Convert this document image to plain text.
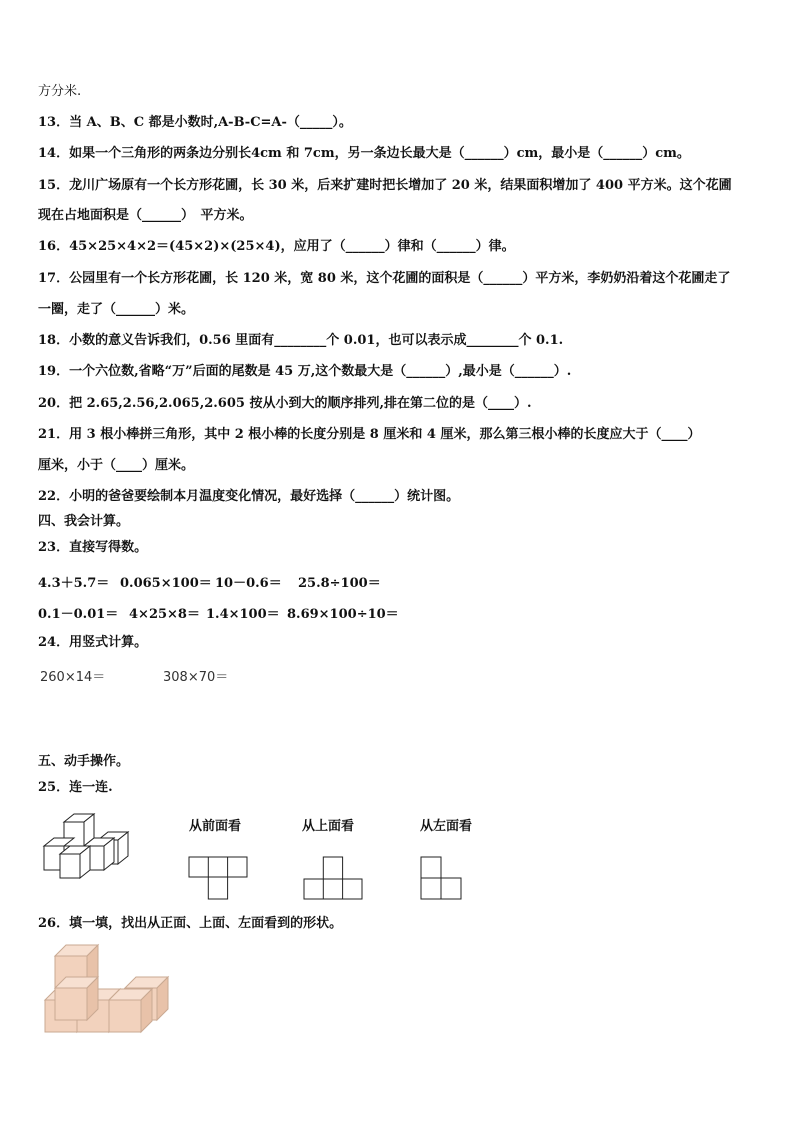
方分米.
13．当 A、B、C 都是小数时,A-B-C=A-（_____）。
14．如果一个三角形的两条边分别长4cm 和 7cm，另一条边长最大是（______）cm，最小是（______）cm。
15．龙川广场原有一个长方形花圃，长 30 米，后来扩建时把长增加了 20 米，结果面积增加了 400 平方米。这个花圃
现在占地面积是（______）　平方米。
16．45×25×4×2＝(45×2)×(25×4)，应用了（______）律和（______）律。
17．公园里有一个长方形花圃，长 120 米，宽 80 米，这个花圃的面积是（______）平方米，李奶奶沿着这个花圃走了
一圈，走了（______）米。
18．小数的意义告诉我们，0.56 里面有________个 0.01，也可以表示成________个 0.1.
19．一个六位数,省略“万”后面的尾数是 45 万,这个数最大是（______）,最小是（______）.
20．把 2.65,2.56,2.065,2.605 按从小到大的顺序排列,排在第二位的是（____）.
21．用 3 根小棒拼三角形，其中 2 根小棒的长度分别是 8 厘米和 4 厘米，那么第三根小棒的长度应大于（____）
厘米，小于（____）厘米。
22．小明的爸爸要绘制本月温度变化情况，最好选择（______）统计图。
四、我会计算。
23．直接写得数。
4.3＋5.7＝ 0.065×100＝ 10－0.6＝ 25.8÷100＝
0.1－0.01＝ 4×25×8＝ 1.4×100＝ 8.69×100÷10＝
24．用竖式计算。
260×14＝	308×70＝
五、动手操作。
25．连一连.
从前面看	从上面看	从左面看
26．填一填，找出从正面、上面、左面看到的形状。
